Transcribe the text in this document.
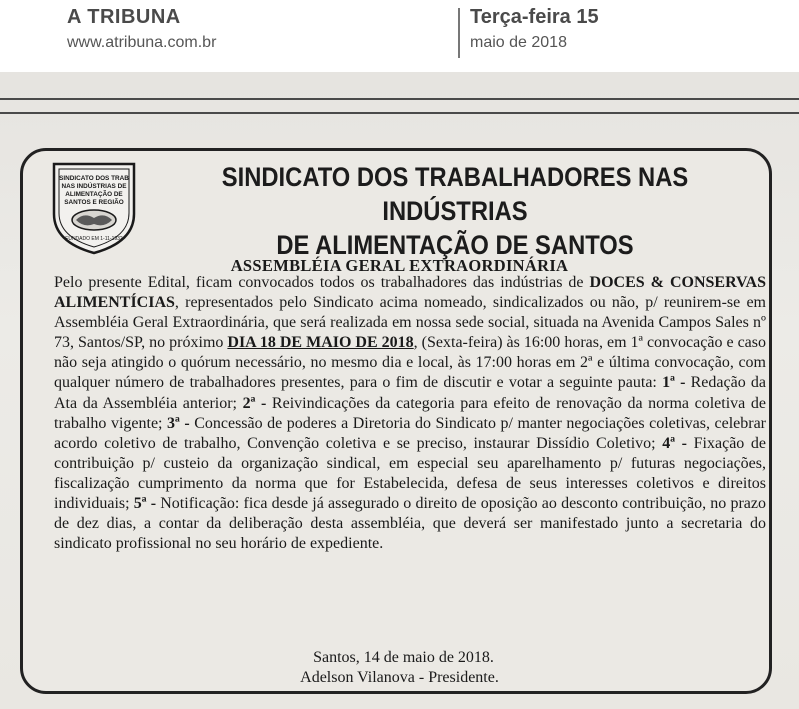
A TRIBUNA
www.atribuna.com.br
Terça-feira 15
maio de 2018
SINDICATO DOS TRAB
NAS INDÚSTRIAS DE
ALIMENTAÇÃO DE
SANTOS E REGIÃO
FUNDADO EM 1-11-1932
SINDICATO DOS TRABALHADORES NAS INDÚSTRIAS
DE ALIMENTAÇÃO DE SANTOS
ASSEMBLÉIA GERAL EXTRAORDINÁRIA
Pelo presente Edital, ficam convocados todos os trabalhadores das indústrias de DOCES & CONSERVAS ALIMENTÍCIAS, representados pelo Sindicato acima nomeado, sindicalizados ou não, p/ reunirem-se em Assembléia Geral Extraordinária, que será realizada em nossa sede social, situada na Avenida Campos Sales nº 73, Santos/SP, no próximo DIA 18 DE MAIO DE 2018, (Sexta-feira) às 16:00 horas, em 1ª convocação e caso não seja atingido o quórum necessário, no mesmo dia e local, às 17:00 horas em 2ª e última convocação, com qualquer número de trabalhadores presentes, para o fim de discutir e votar a seguinte pauta: 1ª - Redação da Ata da Assembléia anterior; 2ª - Reivindicações da categoria para efeito de renovação da norma coletiva de trabalho vigente; 3ª - Concessão de poderes a Diretoria do Sindicato p/ manter negociações coletivas, celebrar acordo coletivo de trabalho, Convenção coletiva e se preciso, instaurar Dissídio Coletivo; 4ª - Fixação de contribuição p/ custeio da organização sindical, em especial seu aparelhamento p/ futuras negociações, fiscalização cumprimento da norma que for Estabelecida, defesa de seus interesses coletivos e direitos individuais; 5ª - Notificação: fica desde já assegurado o direito de oposição ao desconto contribuição, no prazo de dez dias, a contar da deliberação desta assembléia, que deverá ser manifestado junto a secretaria do sindicato profissional no seu horário de expediente.
Santos, 14 de maio de 2018.
Adelson Vilanova - Presidente.
